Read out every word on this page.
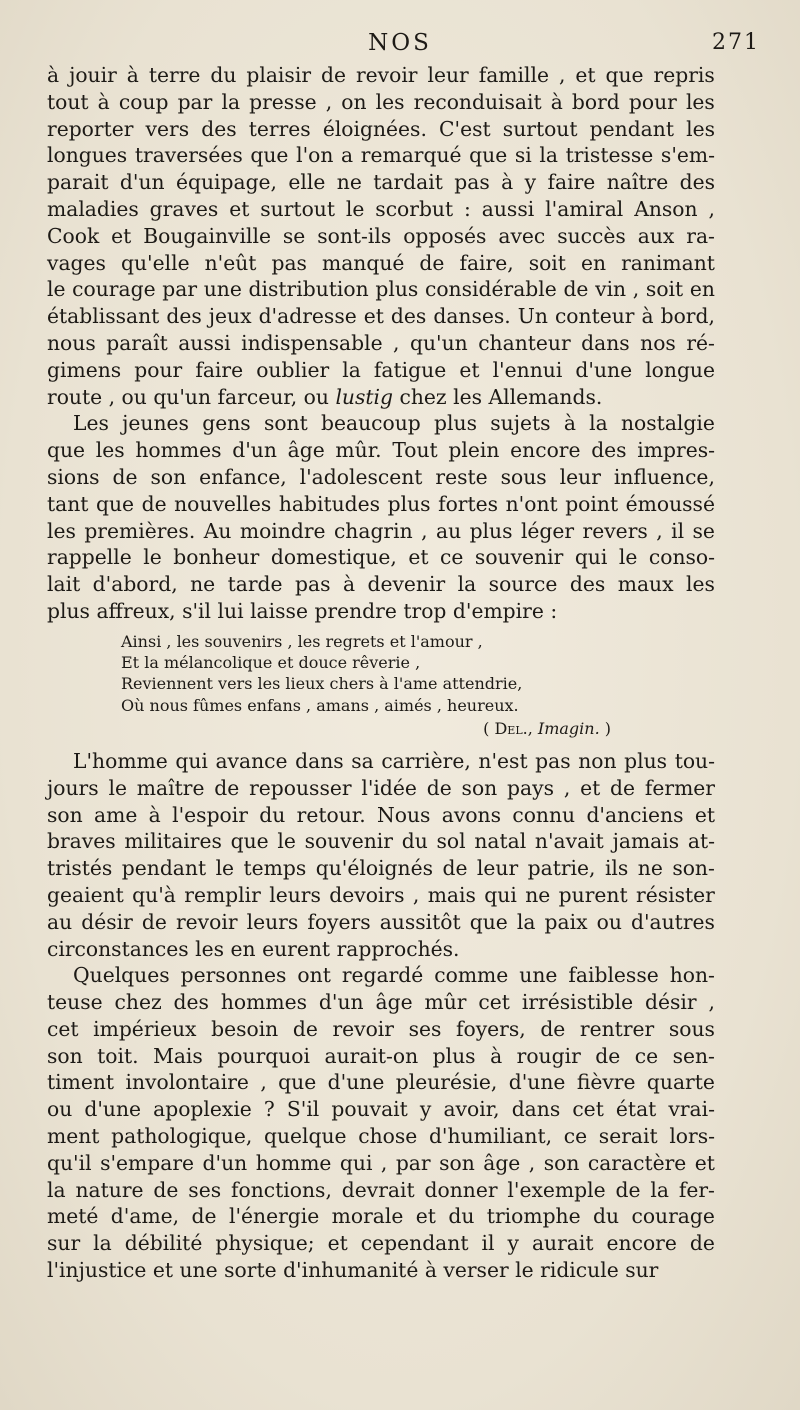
NOS	271
à jouir à terre du plaisir de revoir leur famille , et que repris
tout à coup par la presse , on les reconduisait à bord pour les
reporter vers des terres éloignées. C'est surtout pendant les
longues traversées que l'on a remarqué que si la tristesse s'em-
parait d'un équipage, elle ne tardait pas à y faire naître des
maladies graves et surtout le scorbut : aussi l'amiral Anson ,
Cook et Bougainville se sont-ils opposés avec succès aux ra-
vages qu'elle n'eût pas manqué de faire, soit en ranimant
le courage par une distribution plus considérable de vin , soit en
établissant des jeux d'adresse et des danses. Un conteur à bord,
nous paraît aussi indispensable , qu'un chanteur dans nos ré-
gimens pour faire oublier la fatigue et l'ennui d'une longue
route , ou qu'un farceur, ou lustig chez les Allemands.
Les jeunes gens sont beaucoup plus sujets à la nostalgie
que les hommes d'un âge mûr. Tout plein encore des impres-
sions de son enfance, l'adolescent reste sous leur influence,
tant que de nouvelles habitudes plus fortes n'ont point émoussé
les premières. Au moindre chagrin , au plus léger revers , il se
rappelle le bonheur domestique, et ce souvenir qui le conso-
lait d'abord, ne tarde pas à devenir la source des maux les
plus affreux, s'il lui laisse prendre trop d'empire :
Ainsi , les souvenirs , les regrets et l'amour ,
Et la mélancolique et douce rêverie ,
Reviennent vers les lieux chers à l'ame attendrie,
Où nous fûmes enfans , amans , aimés , heureux.
( Del., Imagin. )
L'homme qui avance dans sa carrière, n'est pas non plus tou-
jours le maître de repousser l'idée de son pays , et de fermer
son ame à l'espoir du retour. Nous avons connu d'anciens et
braves militaires que le souvenir du sol natal n'avait jamais at-
tristés pendant le temps qu'éloignés de leur patrie, ils ne son-
geaient qu'à remplir leurs devoirs , mais qui ne purent résister
au désir de revoir leurs foyers aussitôt que la paix ou d'autres
circonstances les en eurent rapprochés.
Quelques personnes ont regardé comme une faiblesse hon-
teuse chez des hommes d'un âge mûr cet irrésistible désir ,
cet impérieux besoin de revoir ses foyers, de rentrer sous
son toit. Mais pourquoi aurait-on plus à rougir de ce sen-
timent involontaire , que d'une pleurésie, d'une fièvre quarte
ou d'une apoplexie ? S'il pouvait y avoir, dans cet état vrai-
ment pathologique, quelque chose d'humiliant, ce serait lors-
qu'il s'empare d'un homme qui , par son âge , son caractère et
la nature de ses fonctions, devrait donner l'exemple de la fer-
meté d'ame, de l'énergie morale et du triomphe du courage
sur la débilité physique; et cependant il y aurait encore de
l'injustice et une sorte d'inhumanité à verser le ridicule sur
